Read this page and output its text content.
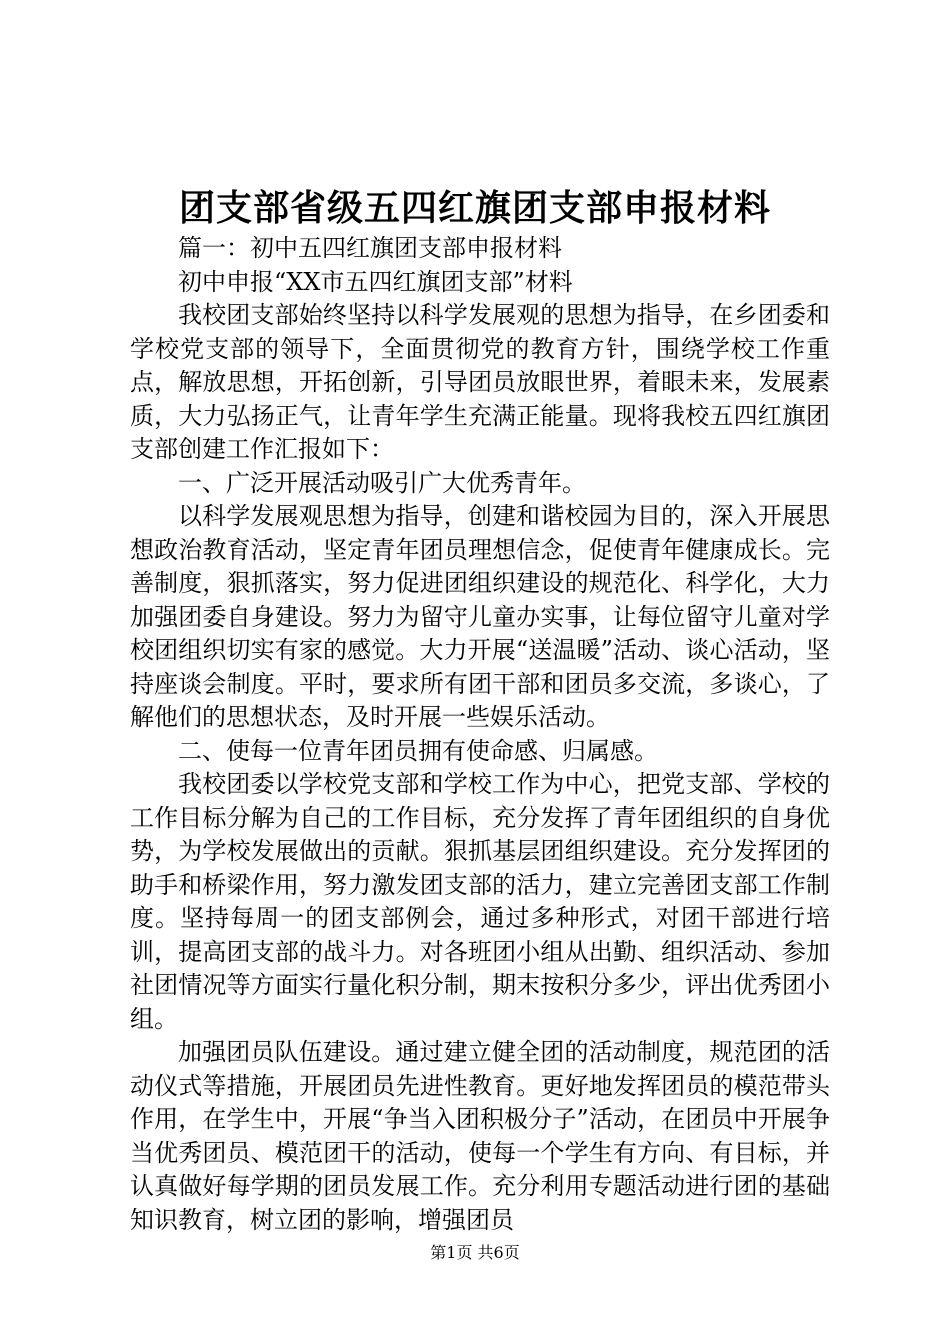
团支部省级五四红旗团支部申报材料

篇一：初中五四红旗团支部申报材料

初中申报“XX市五四红旗团支部”材料

我校团支部始终坚持以科学发展观的思想为指导，在乡团委和学校党支部的领导下，全面贯彻党的教育方针，围绕学校工作重点，解放思想，开拓创新，引导团员放眼世界，着眼未来，发展素质，大力弘扬正气，让青年学生充满正能量。现将我校五四红旗团支部创建工作汇报如下：

一、广泛开展活动吸引广大优秀青年。

以科学发展观思想为指导，创建和谐校园为目的，深入开展思想政治教育活动，坚定青年团员理想信念，促使青年健康成长。完善制度，狠抓落实，努力促进团组织建设的规范化、科学化，大力加强团委自身建设。努力为留守儿童办实事，让每位留守儿童对学校团组织切实有家的感觉。大力开展“送温暖”活动、谈心活动，坚持座谈会制度。平时，要求所有团干部和团员多交流，多谈心，了解他们的思想状态，及时开展一些娱乐活动。

二、使每一位青年团员拥有使命感、归属感。

我校团委以学校党支部和学校工作为中心，把党支部、学校的工作目标分解为自己的工作目标，充分发挥了青年团组织的自身优势，为学校发展做出的贡献。狠抓基层团组织建设。充分发挥团的助手和桥梁作用，努力激发团支部的活力，建立完善团支部工作制度。坚持每周一的团支部例会，通过多种形式，对团干部进行培训，提高团支部的战斗力。对各班团小组从出勤、组织活动、参加社团情况等方面实行量化积分制，期末按积分多少，评出优秀团小组。

加强团员队伍建设。通过建立健全团的活动制度，规范团的活动仪式等措施，开展团员先进性教育。更好地发挥团员的模范带头作用，在学生中，开展“争当入团积极分子”活动，在团员中开展争当优秀团员、模范团干的活动，使每一个学生有方向、有目标，并认真做好每学期的团员发展工作。充分利用专题活动进行团的基础知识教育，树立团的影响，增强团员

第1页 共6页
